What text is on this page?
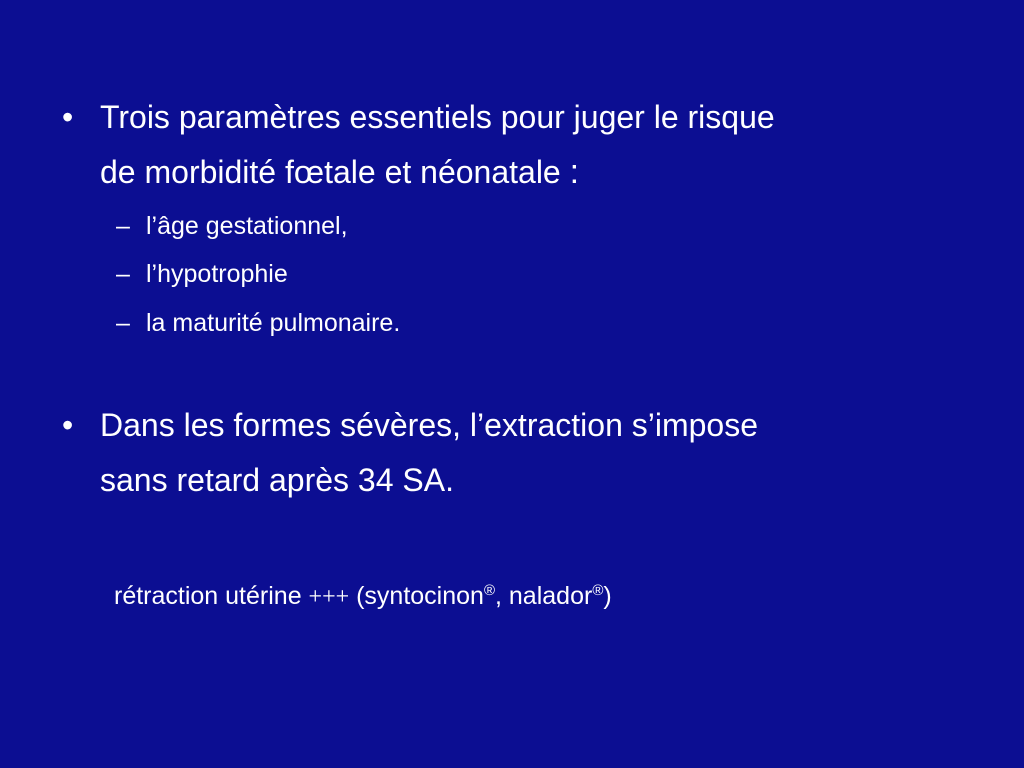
• Trois paramètres essentiels pour juger le risque
de morbidité fœtale et néonatale :
– l’âge gestationnel,
– l’hypotrophie
– la maturité pulmonaire.
• Dans les formes sévères, l’extraction s’impose
sans retard après 34 SA.
rétraction utérine +++ (syntocinon®, nalador®)
